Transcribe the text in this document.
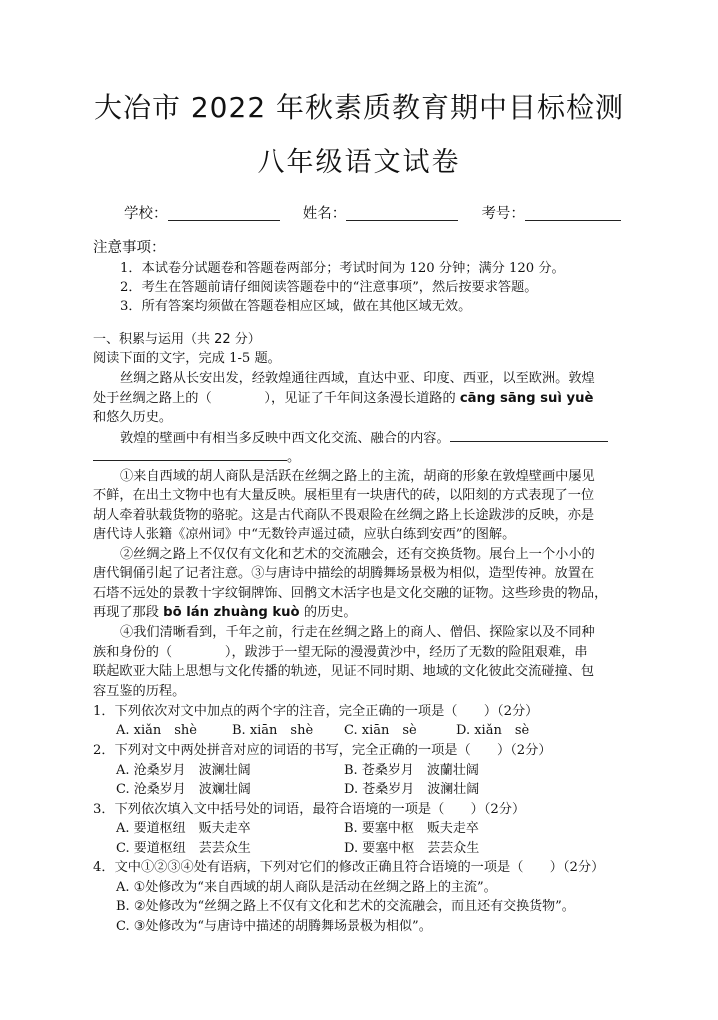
大冶市 2022 年秋素质教育期中目标检测
八年级语文试卷
学校：	姓名：	考号：
注意事项：
1．本试卷分试题卷和答题卷两部分；考试时间为 120 分钟；满分 120 分。
2．考生在答题前请仔细阅读答题卷中的“注意事项”，然后按要求答题。
3．所有答案均须做在答题卷相应区域，做在其他区域无效。
一、积累与运用（共 22 分）
阅读下面的文字，完成 1-5 题。
丝绸之路从长安出发，经敦煌通往西域，直达中亚、印度、西亚，以至欧洲。敦煌
处于丝绸之路上的（　　　　），见证了千年间这条漫长道路的 cāng sāng suì yuè
和悠久历史。
敦煌的壁画中有相当多反映中西文化交流、融合的内容。
。
①来自西域的胡人商队是活跃在丝绸之路上的主流，胡商的形象在敦煌壁画中屡见
不鲜，在出土文物中也有大量反映。展柜里有一块唐代的砖，以阳刻的方式表现了一位
胡人牵着驮载货物的骆驼。这是古代商队不畏艰险在丝绸之路上长途跋涉的反映，亦是
唐代诗人张籍《凉州词》中“无数铃声遥过碛，应驮白练到安西”的图解。
②丝绸之路上不仅仅有文化和艺术的交流融会，还有交换货物。展台上一个小小的
唐代铜俑引起了记者注意。③与唐诗中描绘的胡腾舞场景极为相似，造型传神。放置在
石塔不远处的景教十字纹铜牌饰、回鹘文木活字也是文化交融的证物。这些珍贵的物品，
再现了那段 bō lán zhuàng kuò 的历史。
④我们清晰看到，千年之前，行走在丝绸之路上的商人、僧侣、探险家以及不同种
族和身份的（　　　　），跋涉于一望无际的漫漫黄沙中，经历了无数的险阻艰难，串
联起欧亚大陆上思想与文化传播的轨迹，见证不同时期、地域的文化彼此交流碰撞、包
容互鉴的历程。
1．下列依次对文中加点的两个字的注音，完全正确的一项是（　　）（2分）
A. xiǎn　shè	B. xiān　shè C. xiān　sè	D. xiǎn　sè
2．下列对文中两处拼音对应的词语的书写，完全正确的一项是（　　）（2分）
A. 沧桑岁月　波澜壮阔	B. 苍桑岁月　波蘭壮阔
C. 沧桑岁月　波斓壮阔	D. 苍桑岁月　波澜壮阔
3．下列依次填入文中括号处的词语，最符合语境的一项是（　　）（2分）
A. 要道枢纽　贩夫走卒	B. 要塞中枢　贩夫走卒
C. 要道枢纽　芸芸众生	D. 要塞中枢　芸芸众生
4．文中①②③④处有语病，下列对它们的修改正确且符合语境的一项是（　　）（2分）
A. ①处修改为“来自西域的胡人商队是活动在丝绸之路上的主流”。
B. ②处修改为“丝绸之路上不仅有文化和艺术的交流融会，而且还有交换货物”。
C. ③处修改为“与唐诗中描述的胡腾舞场景极为相似”。
